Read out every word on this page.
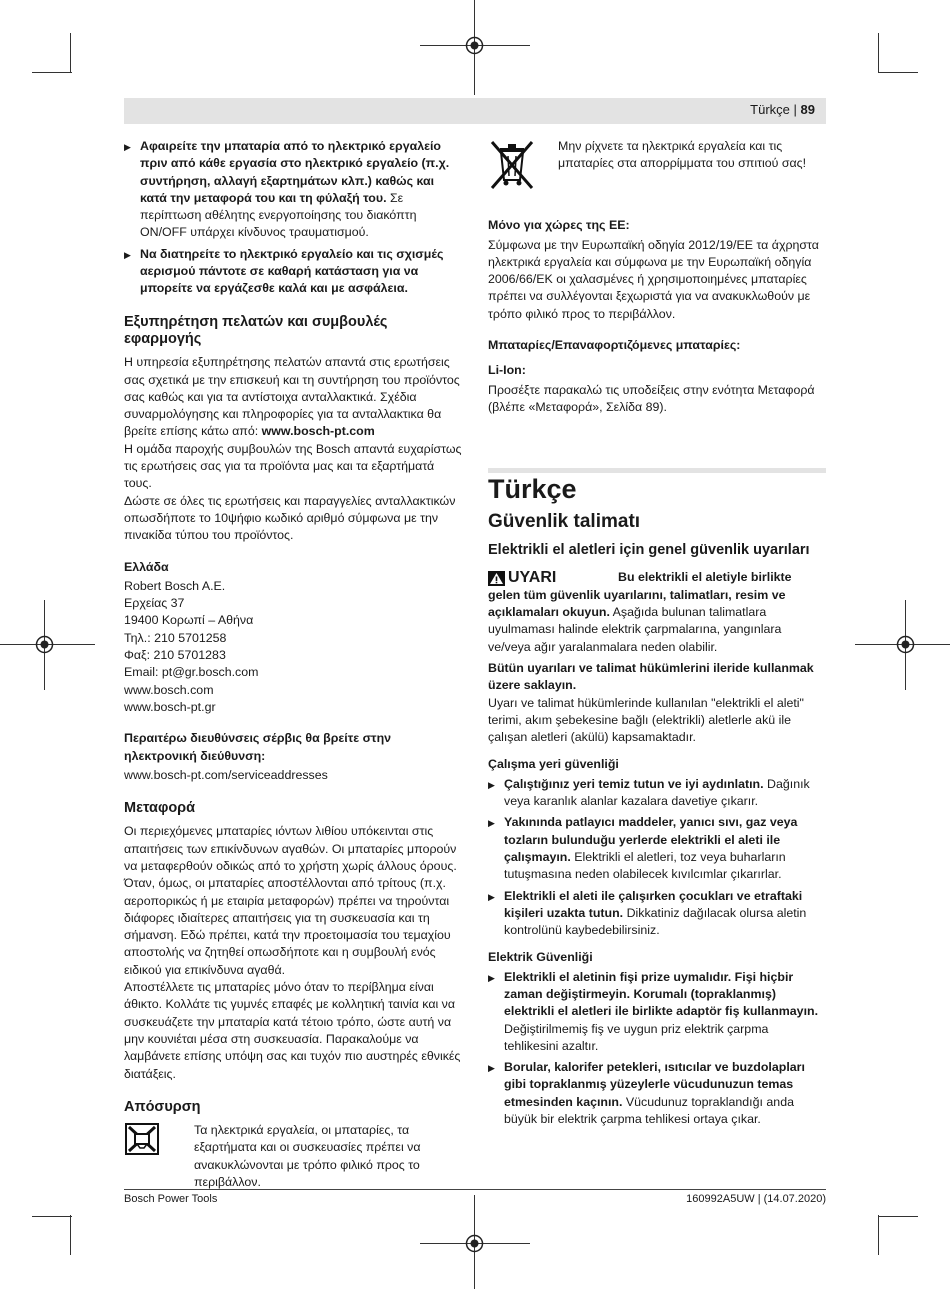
Türkçe | 89
▶ Αφαιρείτε την μπαταρία από το ηλεκτρικό εργαλείο πριν από κάθε εργασία στο ηλεκτρικό εργαλείο (π.χ. συντήρηση, αλλαγή εξαρτημάτων κλπ.) καθώς και κατά την μεταφορά του και τη φύλαξή του. Σε περίπτωση αθέλητης ενεργοποίησης του διακόπτη ON/OFF υπάρχει κίνδυνος τραυματισμού.
▶ Να διατηρείτε το ηλεκτρικό εργαλείο και τις σχισμές αερισμού πάντοτε σε καθαρή κατάσταση για να μπορείτε να εργάζεσθε καλά και με ασφάλεια.
Εξυπηρέτηση πελατών και συμβουλές εφαρμογής

Η υπηρεσία εξυπηρέτησης πελατών απαντά στις ερωτήσεις σας σχετικά με την επισκευή και τη συντήρηση του προϊόντος σας καθώς και για τα αντίστοιχα ανταλλακτικά. Σχέδια συναρμολόγησης και πληροφορίες για τα ανταλλακτικα θα βρείτε επίσης κάτω από: www.bosch-pt.com

Η ομάδα παροχής συμβουλών της Bosch απαντά ευχαρίστως τις ερωτήσεις σας για τα προϊόντα μας και τα εξαρτήματά τους.

Δώστε σε όλες τις ερωτήσεις και παραγγελίες ανταλλακτικών οπωσδήποτε το 10ψήφιο κωδικό αριθμό σύμφωνα με την πινακίδα τύπου του προϊόντος.

Ελλάδα

Robert Bosch A.E.

Ερχείας 37

19400 Κορωπί – Αθήνα

Τηλ.: 210 5701258

Φαξ: 210 5701283

Email: pt@gr.bosch.com

www.bosch.com

www.bosch-pt.gr

Περαιτέρω διευθύνσεις σέρβις θα βρείτε στην ηλεκτρονική διεύθυνση:

www.bosch-pt.com/serviceaddresses

Μεταφορά

Οι περιεχόμενες μπαταρίες ιόντων λιθίου υπόκεινται στις απαιτήσεις των επικίνδυνων αγαθών. Οι μπαταρίες μπορούν να μεταφερθούν οδικώς από το χρήστη χωρίς άλλους όρους.

Όταν, όμως, οι μπαταρίες αποστέλλονται από τρίτους (π.χ. αεροπορικώς ή με εταιρία μεταφορών) πρέπει να τηρούνται διάφορες ιδιαίτερες απαιτήσεις για τη συσκευασία και τη σήμανση. Εδώ πρέπει, κατά την προετοιμασία του τεμαχίου αποστολής να ζητηθεί οπωσδήποτε και η συμβουλή ενός ειδικού για επικίνδυνα αγαθά.

Αποστέλλετε τις μπαταρίες μόνο όταν το περίβλημα είναι άθικτο. Κολλάτε τις γυμνές επαφές με κολλητική ταινία και να συσκευάζετε την μπαταρία κατά τέτοιο τρόπο, ώστε αυτή να μην κουνιέται μέσα στη συσκευασία. Παρακαλούμε να λαμβάνετε επίσης υπόψη σας και τυχόν πιο αυστηρές εθνικές διατάξεις.

Απόσυρση

Τα ηλεκτρικά εργαλεία, οι μπαταρίες, τα εξαρτήματα και οι συσκευασίες πρέπει να ανακυκλώνονται με τρόπο φιλικό προς το περιβάλλον.

Μην ρίχνετε τα ηλεκτρικά εργαλεία και τις μπαταρίες στα απορρίμματα του σπιτιού σας!

Μόνο για χώρες της ΕΕ:

Σύμφωνα με την Ευρωπαϊκή οδηγία 2012/19/ΕΕ τα άχρηστα ηλεκτρικά εργαλεία και σύμφωνα με την Ευρωπαϊκή οδηγία 2006/66/ΕΚ οι χαλασμένες ή χρησιμοποιημένες μπαταρίες πρέπει να συλλέγονται ξεχωριστά για να ανακυκλωθούν με τρόπο φιλικό προς το περιβάλλον.

Μπαταρίες/Επαναφορτιζόμενες μπαταρίες:
Li-Ion:

Προσέξτε παρακαλώ τις υποδείξεις στην ενότητα Μεταφορά (βλέπε «Μεταφορά», Σελίδα 89).

Türkçe
Güvenlik talimatı
Elektrikli el aletleri için genel güvenlik uyarıları
UYARI	Bu elektrikli el aletiyle birlikte gelen tüm güvenlik uyarılarını, talimatları, resim ve açıklamaları okuyun. Aşağıda bulunan talimatlara uyulmaması halinde elektrik çarpmalarına, yangınlara ve/veya ağır yaralanmalara neden olabilir.

Bütün uyarıları ve talimat hükümlerini ileride kullanmak üzere saklayın.

Uyarı ve talimat hükümlerinde kullanılan "elektrikli el aleti" terimi, akım şebekesine bağlı (elektrikli) aletlerle akü ile çalışan aletleri (akülü) kapsamaktadır.

Çalışma yeri güvenliği
▶ Çalıştığınız yeri temiz tutun ve iyi aydınlatın. Dağınık veya karanlık alanlar kazalara davetiye çıkarır.
▶ Yakınında patlayıcı maddeler, yanıcı sıvı, gaz veya tozların bulunduğu yerlerde elektrikli el aleti ile çalışmayın. Elektrikli el aletleri, toz veya buharların tutuşmasına neden olabilecek kıvılcımlar çıkarırlar.
▶ Elektrikli el aleti ile çalışırken çocukları ve etraftaki kişileri uzakta tutun. Dikkatiniz dağılacak olursa aletin kontrolünü kaybedebilirsiniz.
Elektrik Güvenliği
▶ Elektrikli el aletinin fişi prize uymalıdır. Fişi hiçbir zaman değiştirmeyin. Korumalı (topraklanmış) elektrikli el aletleri ile birlikte adaptör fiş kullanmayın. Değiştirilmemiş fiş ve uygun priz elektrik çarpma tehlikesini azaltır.
▶ Borular, kalorifer petekleri, ısıtıcılar ve buzdolapları gibi topraklanmış yüzeylerle vücudunuzun temas etmesinden kaçının. Vücudunuz topraklandığı anda büyük bir elektrik çarpma tehlikesi ortaya çıkar.
Bosch Power Tools	160992A5UW | (14.07.2020)
